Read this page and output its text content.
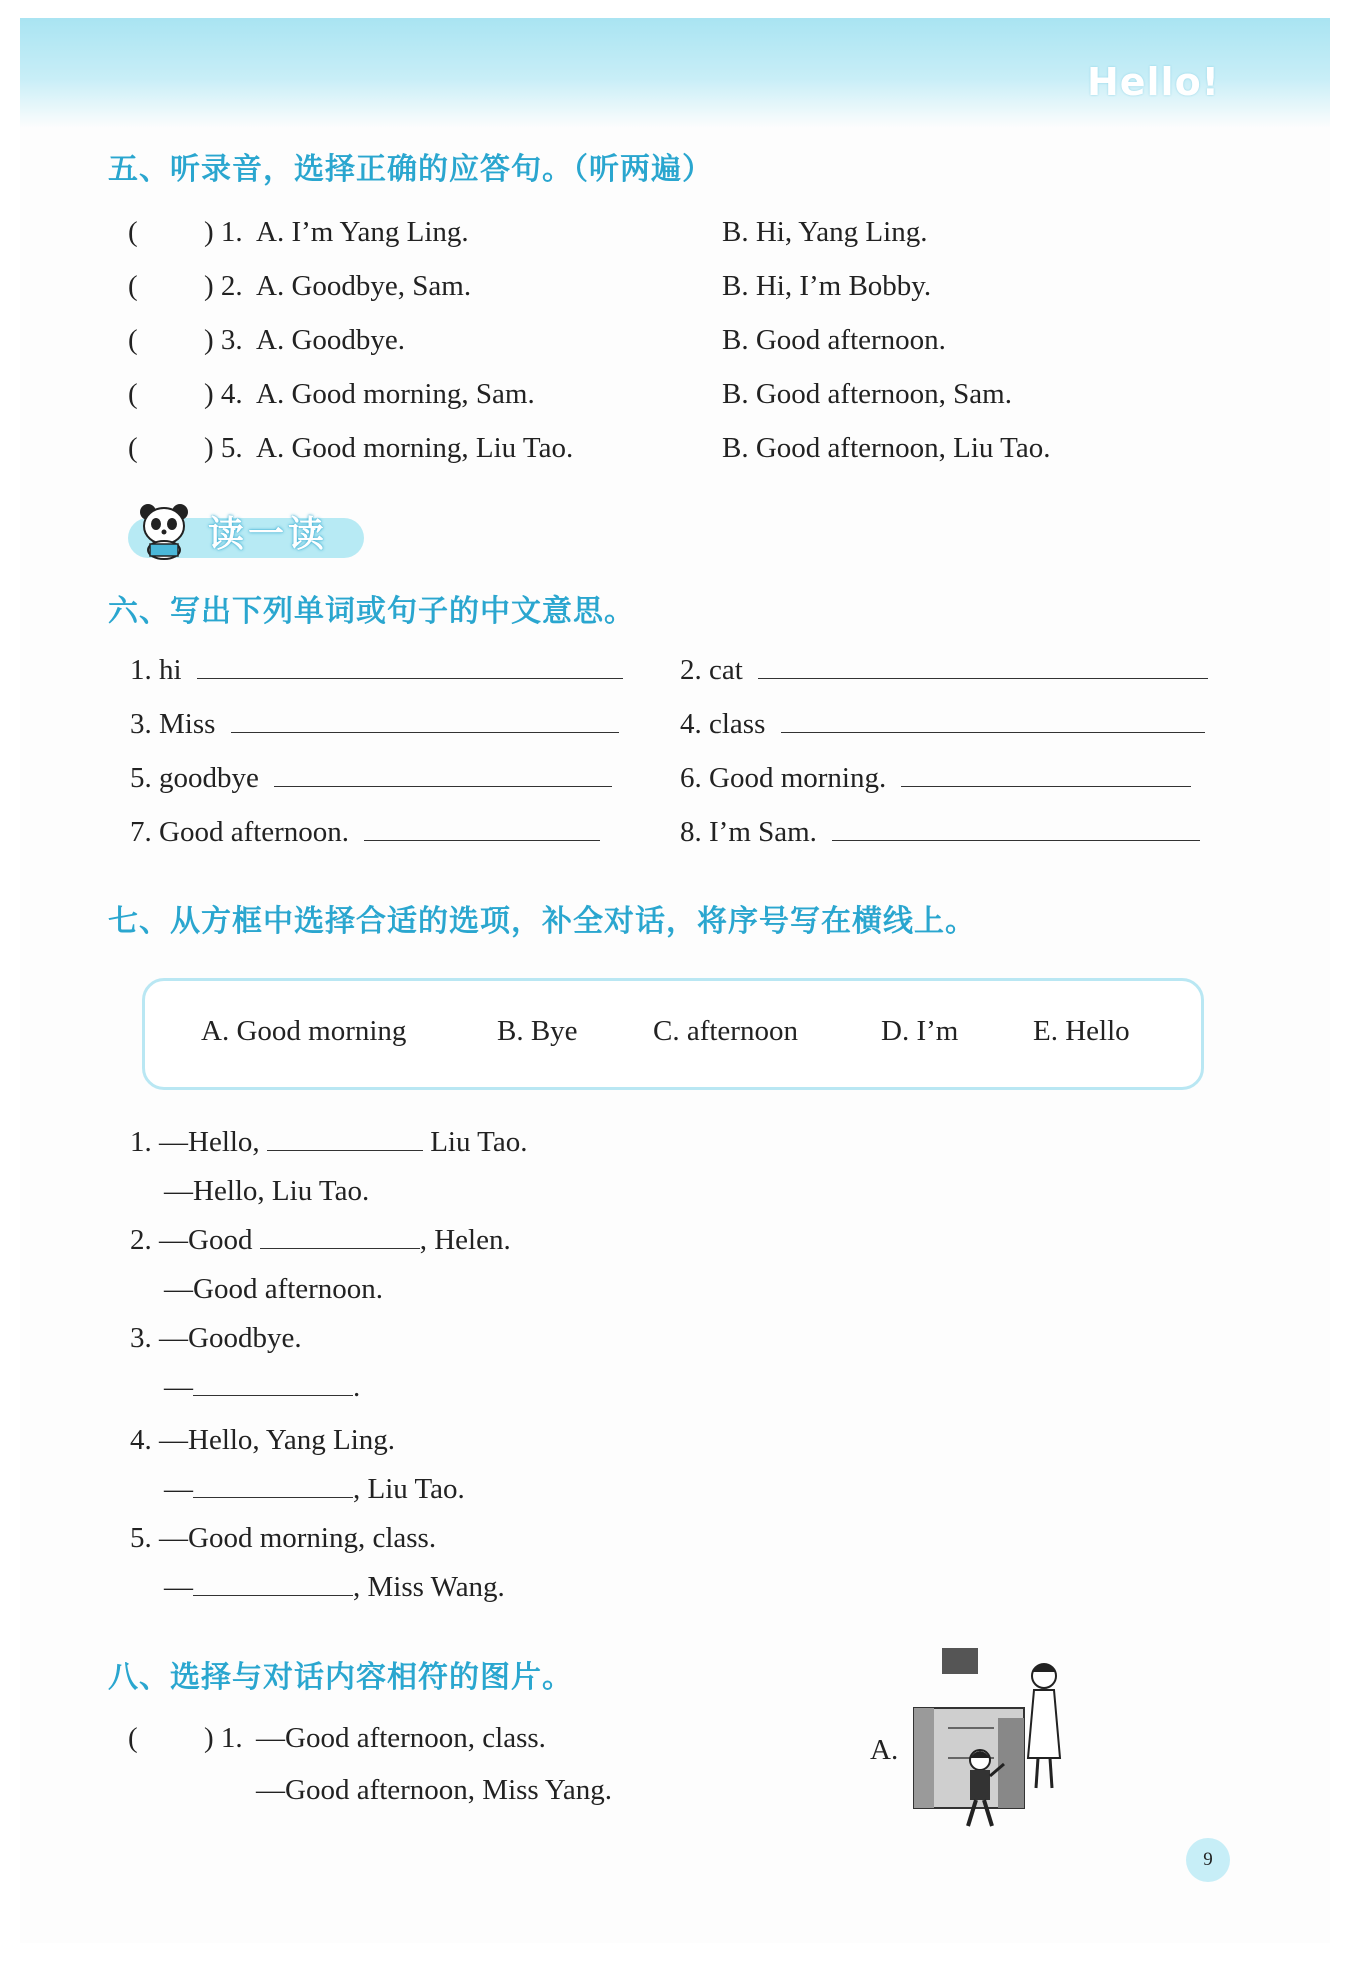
Hello!
五、听录音，选择正确的应答句。（听两遍）
( ) 1. A. I’m Yang Ling.	B. Hi, Yang Ling.
( ) 2. A. Goodbye, Sam.	B. Hi, I’m Bobby.
( ) 3. A. Goodbye.	B. Good afternoon.
( ) 4. A. Good morning, Sam.	B. Good afternoon, Sam.
( ) 5. A. Good morning, Liu Tao.	B. Good afternoon, Liu Tao.
读一读
六、写出下列单词或句子的中文意思。
1. hi	2. cat
3. Miss	4. class
5. goodbye	6. Good morning.
7. Good afternoon.	8. I’m Sam.
七、从方框中选择合适的选项，补全对话，将序号写在横线上。
A. Good morning	B. Bye	C. afternoon	D. I’m	E. Hello
1. —Hello,	Liu Tao.
—Hello, Liu Tao.
2. —Good	, Helen.
—Good afternoon.
3. —Goodbye.
—	.
4. —Hello, Yang Ling.
—	, Liu Tao.
5. —Good morning, class.
—	, Miss Wang.
八、选择与对话内容相符的图片。
( ) 1. —Good afternoon, class.
—Good afternoon, Miss Yang.
A.
9
